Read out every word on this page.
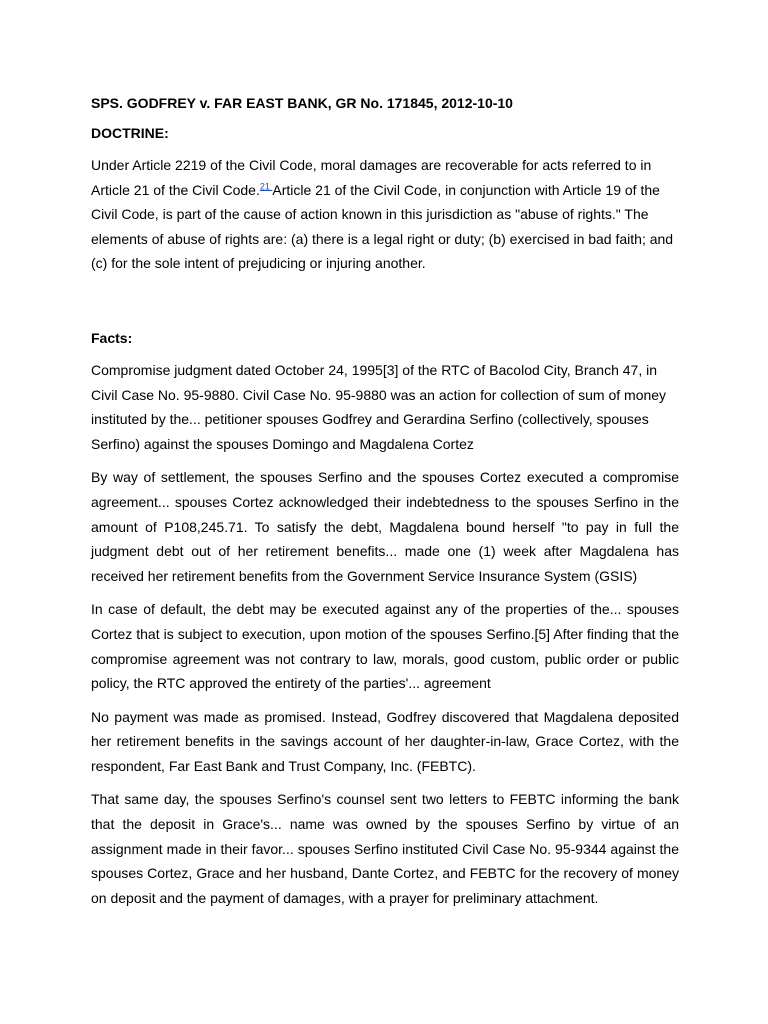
SPS. GODFREY v. FAR EAST BANK, GR No. 171845, 2012-10-10

DOCTRINE:

Under Article 2219 of the Civil Code, moral damages are recoverable for acts referred to in Article 21 of the Civil Code.$^{21}$ Article 21 of the Civil Code, in conjunction with Article 19 of the Civil Code, is part of the cause of action known in this jurisdiction as "abuse of rights." The elements of abuse of rights are: (a) there is a legal right or duty; (b) exercised in bad faith; and (c) for the sole intent of prejudicing or injuring another.

Facts:

Compromise judgment dated October 24, 1995[3] of the RTC of Bacolod City, Branch 47, in Civil Case No. 95-9880. Civil Case No. 95-9880 was an action for collection of sum of money instituted by the... petitioner spouses Godfrey and Gerardina Serfino (collectively, spouses Serfino) against the spouses Domingo and Magdalena Cortez

By way of settlement, the spouses Serfino and the spouses Cortez executed a compromise agreement... spouses Cortez acknowledged their indebtedness to the spouses Serfino in the amount of P108,245.71. To satisfy the debt, Magdalena bound herself "to pay in full the judgment debt out of her retirement benefits... made one (1) week after Magdalena has received her retirement benefits from the Government Service Insurance System (GSIS)

In case of default, the debt may be executed against any of the properties of the... spouses Cortez that is subject to execution, upon motion of the spouses Serfino.[5] After finding that the compromise agreement was not contrary to law, morals, good custom, public order or public policy, the RTC approved the entirety of the parties'... agreement

No payment was made as promised. Instead, Godfrey discovered that Magdalena deposited her retirement benefits in the savings account of her daughter-in-law, Grace Cortez, with the respondent, Far East Bank and Trust Company, Inc. (FEBTC).

That same day, the spouses Serfino's counsel sent two letters to FEBTC informing the bank that the deposit in Grace's... name was owned by the spouses Serfino by virtue of an assignment made in their favor... spouses Serfino instituted Civil Case No. 95-9344 against the spouses Cortez, Grace and her husband, Dante Cortez, and FEBTC for the recovery of money on deposit and the payment of damages, with a prayer for preliminary attachment.
